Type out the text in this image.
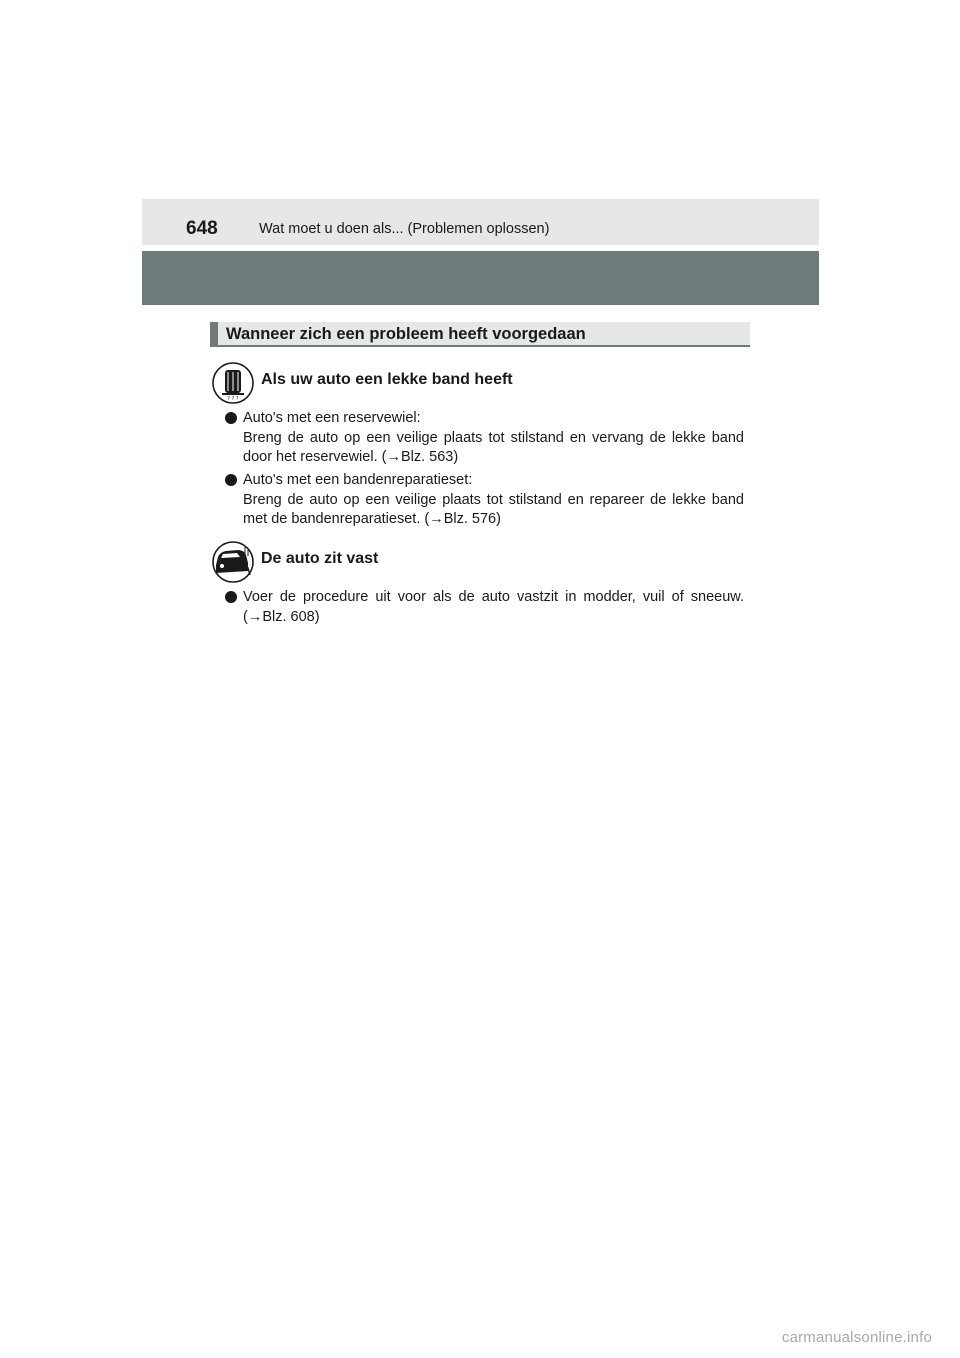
648	Wat moet u doen als... (Problemen oplossen)
Wanneer zich een probleem heeft voorgedaan
? ? ?
Als uw auto een lekke band heeft
Auto's met een reservewiel:
Breng de auto op een veilige plaats tot stilstand en vervang de lekke band door het reservewiel. (→Blz. 563)
Auto's met een bandenreparatieset:
Breng de auto op een veilige plaats tot stilstand en repareer de lekke band met de bandenreparatieset. (→Blz. 576)
De auto zit vast
Voer de procedure uit voor als de auto vastzit in modder, vuil of sneeuw. (→Blz. 608)
carmanualsonline.info
